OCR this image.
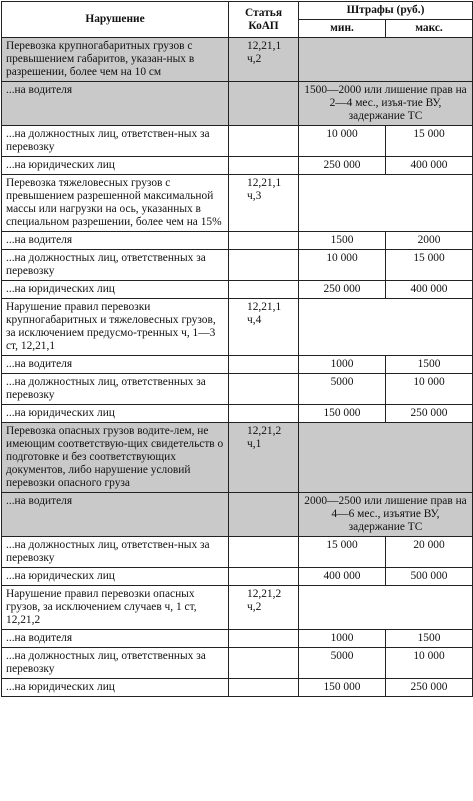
Нарушение	Статья КоАП	Штрафы (руб.)	
		мин.	макс.
Перевозка крупногабаритных грузов с превышением габаритов, указан-ных в разрешении, более чем на 10 см	12,21,1 ч,2		
...на водителя		1500—2000 или лишение прав на 2—4 мес., изъя-тие ВУ, задержание ТС	
...на должностных лиц, ответствен-ных за перевозку		10 000	15 000
...на юридических лиц		250 000	400 000
Перевозка тяжеловесных грузов с превышением разрешенной максимальной массы или нагрузки на ось, указанных в специальном разрешении, более чем на 15%	12,21,1 ч,3		
...на водителя		1500	2000
...на должностных лиц, ответственных за перевозку		10 000	15 000
...на юридических лиц		250 000	400 000
Нарушение правил перевозки крупногабаритных и тяжеловесных грузов, за исключением предусмо-тренных ч, 1—3 ст, 12,21,1	12,21,1 ч,4		
...на водителя		1000	1500
...на должностных лиц, ответственных за перевозку		5000	10 000
...на юридических лиц		150 000	250 000
Перевозка опасных грузов водите-лем, не имеющим соответствую-щих свидетельств о подготовке и без соответствующих документов, либо нарушение условий перевозки опасного груза	12,21,2 ч,1		
...на водителя		2000—2500 или лишение прав на 4—6 мес., изъятие ВУ, задержание ТС	
...на должностных лиц, ответствен-ных за перевозку		15 000	20 000
...на юридических лиц		400 000	500 000
Нарушение правил перевозки опасных грузов, за исключением случаев ч, 1 ст, 12,21,2	12,21,2 ч,2		
...на водителя		1000	1500
...на должностных лиц, ответственных за перевозку		5000	10 000
...на юридических лиц		150 000	250 000
